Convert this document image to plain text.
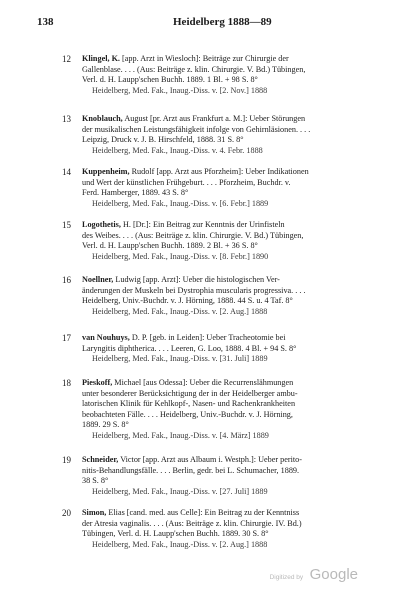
138	Heidelberg 1888—89
12 Klingel, K. [app. Arzt in Wiesloch]: Beiträge zur Chirurgie der
Gallenblase. . . . (Aus: Beiträge z. klin. Chirurgie. V. Bd.) Tübingen,
Verl. d. H. Laupp'schen Buchh. 1889. 1 Bl. + 98 S. 8°
Heidelberg, Med. Fak., Inaug.-Diss. v. [2. Nov.] 1888
13 Knoblauch, August [pr. Arzt aus Frankfurt a. M.]: Ueber Störungen
der musikalischen Leistungsfähigkeit infolge von Gehirnläsionen. . . .
Leipzig, Druck v. J. B. Hirschfeld, 1888. 31 S. 8°
Heidelberg, Med. Fak., Inaug.-Diss. v. 4. Febr. 1888
14 Kuppenheim, Rudolf [app. Arzt aus Pforzheim]: Ueber Indikationen
und Wert der künstlichen Frühgeburt. . . . Pforzheim, Buchdr. v.
Ferd. Hamberger, 1889. 43 S. 8°
Heidelberg, Med. Fak., Inaug.-Diss. v. [6. Febr.] 1889
15 Logothetis, H. [Dr.]: Ein Beitrag zur Kenntnis der Urinfisteln
des Weibes. . . . (Aus: Beiträge z. klin. Chirurgie. V. Bd.) Tübingen,
Verl. d. H. Laupp'schen Buchh. 1889. 2 Bl. + 36 S. 8°
Heidelberg, Med. Fak., Inaug.-Diss. v. [8. Febr.] 1890
16 Noellner, Ludwig [app. Arzt]: Ueber die histologischen Ver-
änderungen der Muskeln bei Dystrophia muscularis progressiva. . . .
Heidelberg, Univ.-Buchdr. v. J. Hörning, 1888. 44 S. u. 4 Taf. 8°
Heidelberg, Med. Fak., Inaug.-Diss. v. [2. Aug.] 1888
17 van Nouhuys, D. P. [geb. in Leiden]: Ueber Tracheotomie bei
Laryngitis diphtherica. . . . Leeren, G. Loo, 1888. 4 Bl. + 94 S. 8°
Heidelberg, Med. Fak., Inaug.-Diss. v. [31. Juli] 1889
18 Pieskoff, Michael [aus Odessa]: Ueber die Recurrenslähmungen
unter besonderer Berücksichtigung der in der Heidelberger ambu-
latorischen Klinik für Kehlkopf-, Nasen- und Rachenkrankheiten
beobachteten Fälle. . . . Heidelberg, Univ.-Buchdr. v. J. Hörning,
1889. 29 S. 8°
Heidelberg, Med. Fak., Inaug.-Diss. v. [4. März] 1889
19 Schneider, Victor [app. Arzt aus Albaum i. Westph.]: Ueber perito-
nitis-Behandlungsfälle. . . . Berlin, gedr. bei L. Schumacher, 1889.
38 S. 8°
Heidelberg, Med. Fak., Inaug.-Diss. v. [27. Juli] 1889
20 Simon, Elias [cand. med. aus Celle]: Ein Beitrag zu der Kenntniss
der Atresia vaginalis. . . . (Aus: Beiträge z. klin. Chirurgie. IV. Bd.)
Tübingen, Verl. d. H. Laupp'schen Buchh. 1889. 30 S. 8°
Heidelberg, Med. Fak., Inaug.-Diss. v. [2. Aug.] 1888
Digitized by Google
